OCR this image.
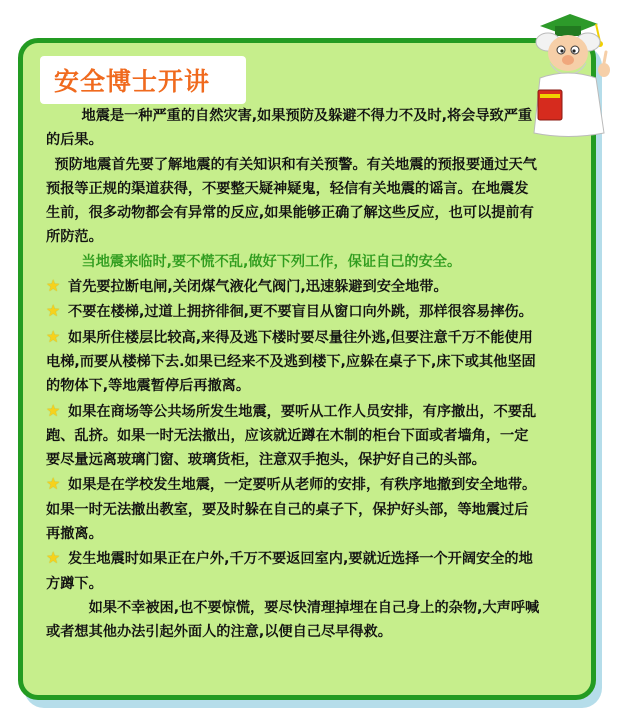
安全博士开讲

地震是一种严重的自然灾害,如果预防及躲避不得力不及时,将会导致严重的后果。

预防地震首先要了解地震的有关知识和有关预警。有关地震的预报要通过天气预报等正规的渠道获得，不要整天疑神疑鬼，轻信有关地震的谣言。在地震发生前，很多动物都会有异常的反应,如果能够正确了解这些反应，也可以提前有所防范。

当地震来临时,要不慌不乱,做好下列工作，保证自己的安全。

★ 首先要拉断电闸,关闭煤气液化气阀门,迅速躲避到安全地带。

★ 不要在楼梯,过道上拥挤徘徊,更不要盲目从窗口向外跳，那样很容易摔伤。

★ 如果所住楼层比较高,来得及逃下楼时要尽量往外逃,但要注意千万不能使用电梯,而要从楼梯下去.如果已经来不及逃到楼下,应躲在桌子下,床下或其他坚固的物体下,等地震暂停后再撤离。

★ 如果在商场等公共场所发生地震，要听从工作人员安排，有序撤出，不要乱跑、乱挤。如果一时无法撤出，应该就近蹲在木制的柜台下面或者墙角，一定要尽量远离玻璃门窗、玻璃货柜，注意双手抱头，保护好自己的头部。

★ 如果是在学校发生地震，一定要听从老师的安排，有秩序地撤到安全地带。如果一时无法撤出教室，要及时躲在自己的桌子下，保护好头部，等地震过后再撤离。

★ 发生地震时如果正在户外,千万不要返回室内,要就近选择一个开阔安全的地方蹲下。

如果不幸被困,也不要惊慌，要尽快清理掉埋在自己身上的杂物,大声呼喊或者想其他办法引起外面人的注意,以便自己尽早得救。
